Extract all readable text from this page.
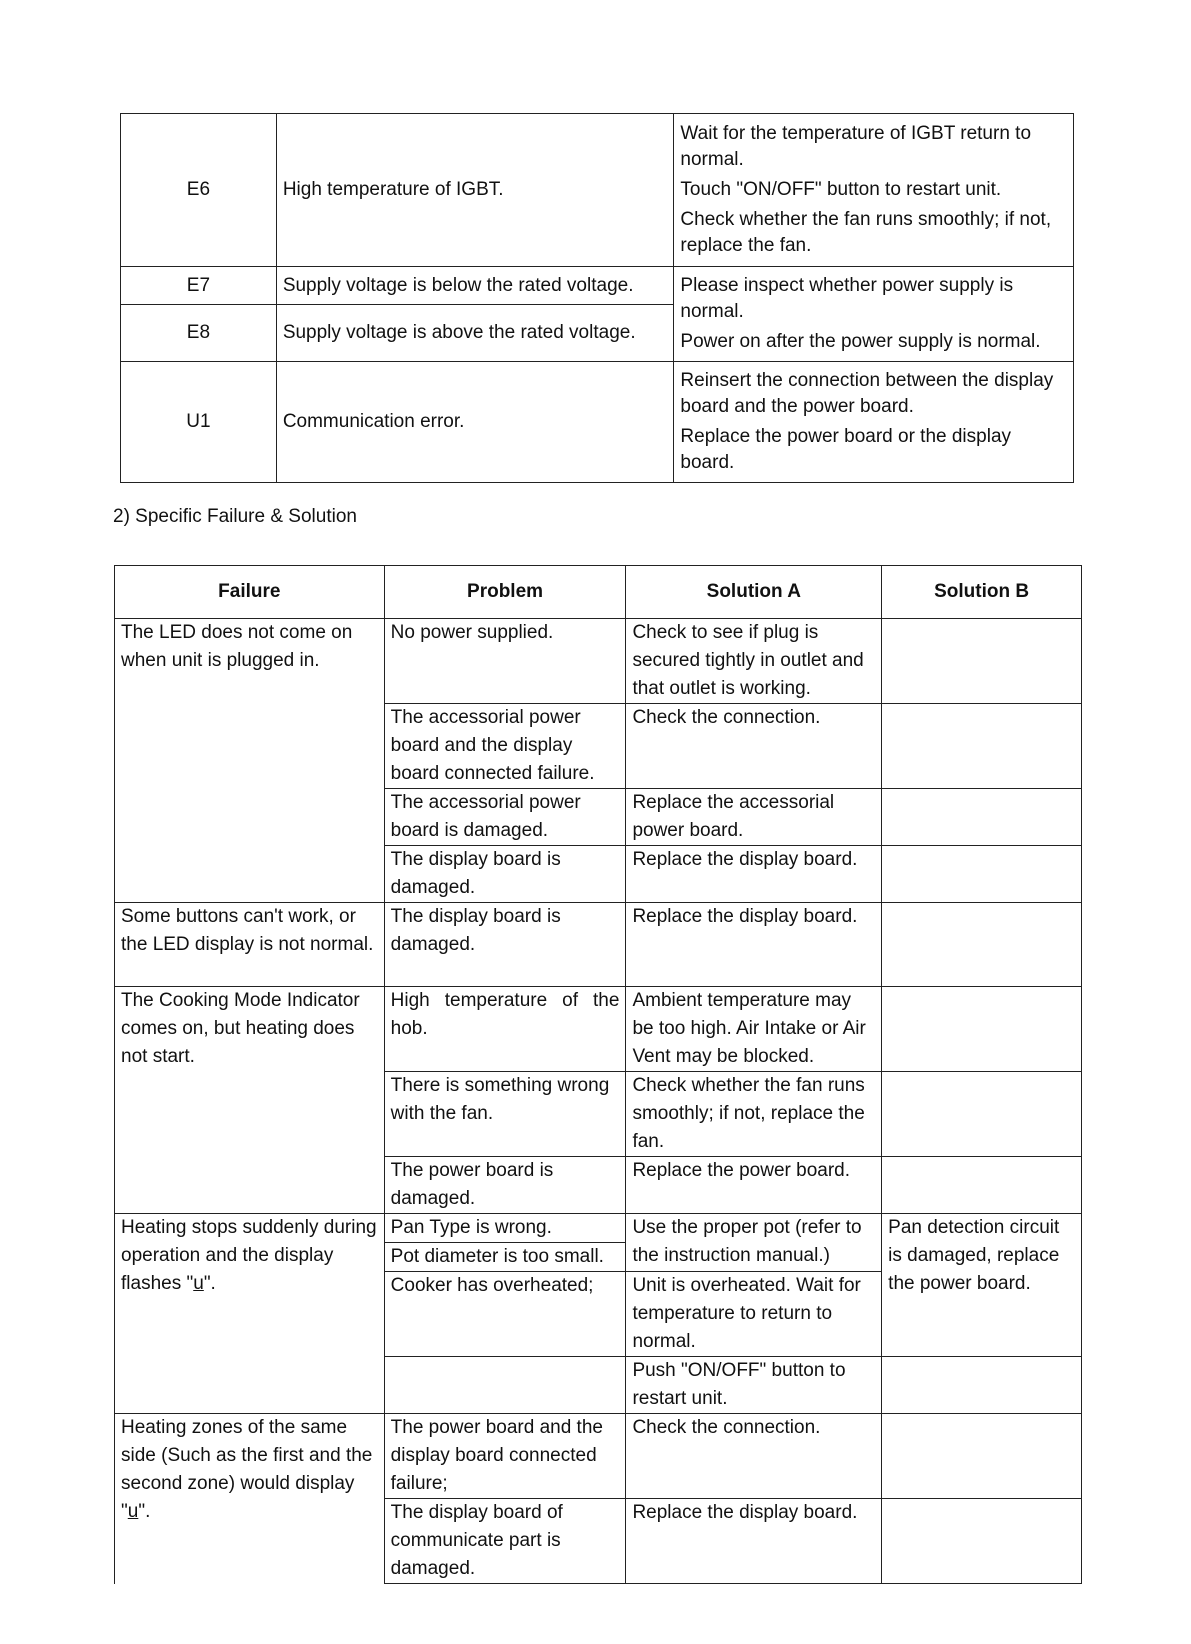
E6	High temperature of IGBT.	Wait for the temperature of IGBT return to normal.
Touch "ON/OFF" button to restart unit.
Check whether the fan runs smoothly; if not, replace the fan.

E7	Supply voltage is below the rated voltage.	Please inspect whether power supply is normal.
Power on after the power supply is normal.

E8	Supply voltage is above the rated voltage.	
U1	Communication error.	Reinsert the connection between the display board and the power board.
Replace the power board or the display board.
2) Specific Failure & Solution
Failure	Problem	Solution A	Solution B
The LED does not come on when unit is plugged in.	No power supplied.	Check to see if plug is secured tightly in outlet and that outlet is working.	
	The accessorial power board and the display board connected failure.	Check the connection.	
	The accessorial power board is damaged.	Replace the accessorial power board.	
	The display board is damaged.	Replace the display board.	
Some buttons can't work, or the LED display is not normal.	The display board is damaged.	Replace the display board.	
The Cooking Mode Indicator comes on, but heating does not start.	High temperature of the hob.	Ambient temperature may be too high. Air Intake or Air Vent may be blocked.	
	There is something wrong with the fan.	Check whether the fan runs smoothly; if not, replace the fan.	
	The power board is damaged.	Replace the power board.	
Heating stops suddenly during operation and the display flashes "u".	Pan Type is wrong.	Use the proper pot (refer to the instruction manual.)	Pan detection circuit is damaged, replace the power board.
	Pot diameter is too small.		
	Cooker has overheated;	Unit is overheated. Wait for temperature to return to normal.	
		Push "ON/OFF" button to restart unit.	
Heating zones of the same side (Such as the first and the second zone) would display "u".	The power board and the display board connected failure;	Check the connection.	
	The display board of communicate part is damaged.	Replace the display board.	
